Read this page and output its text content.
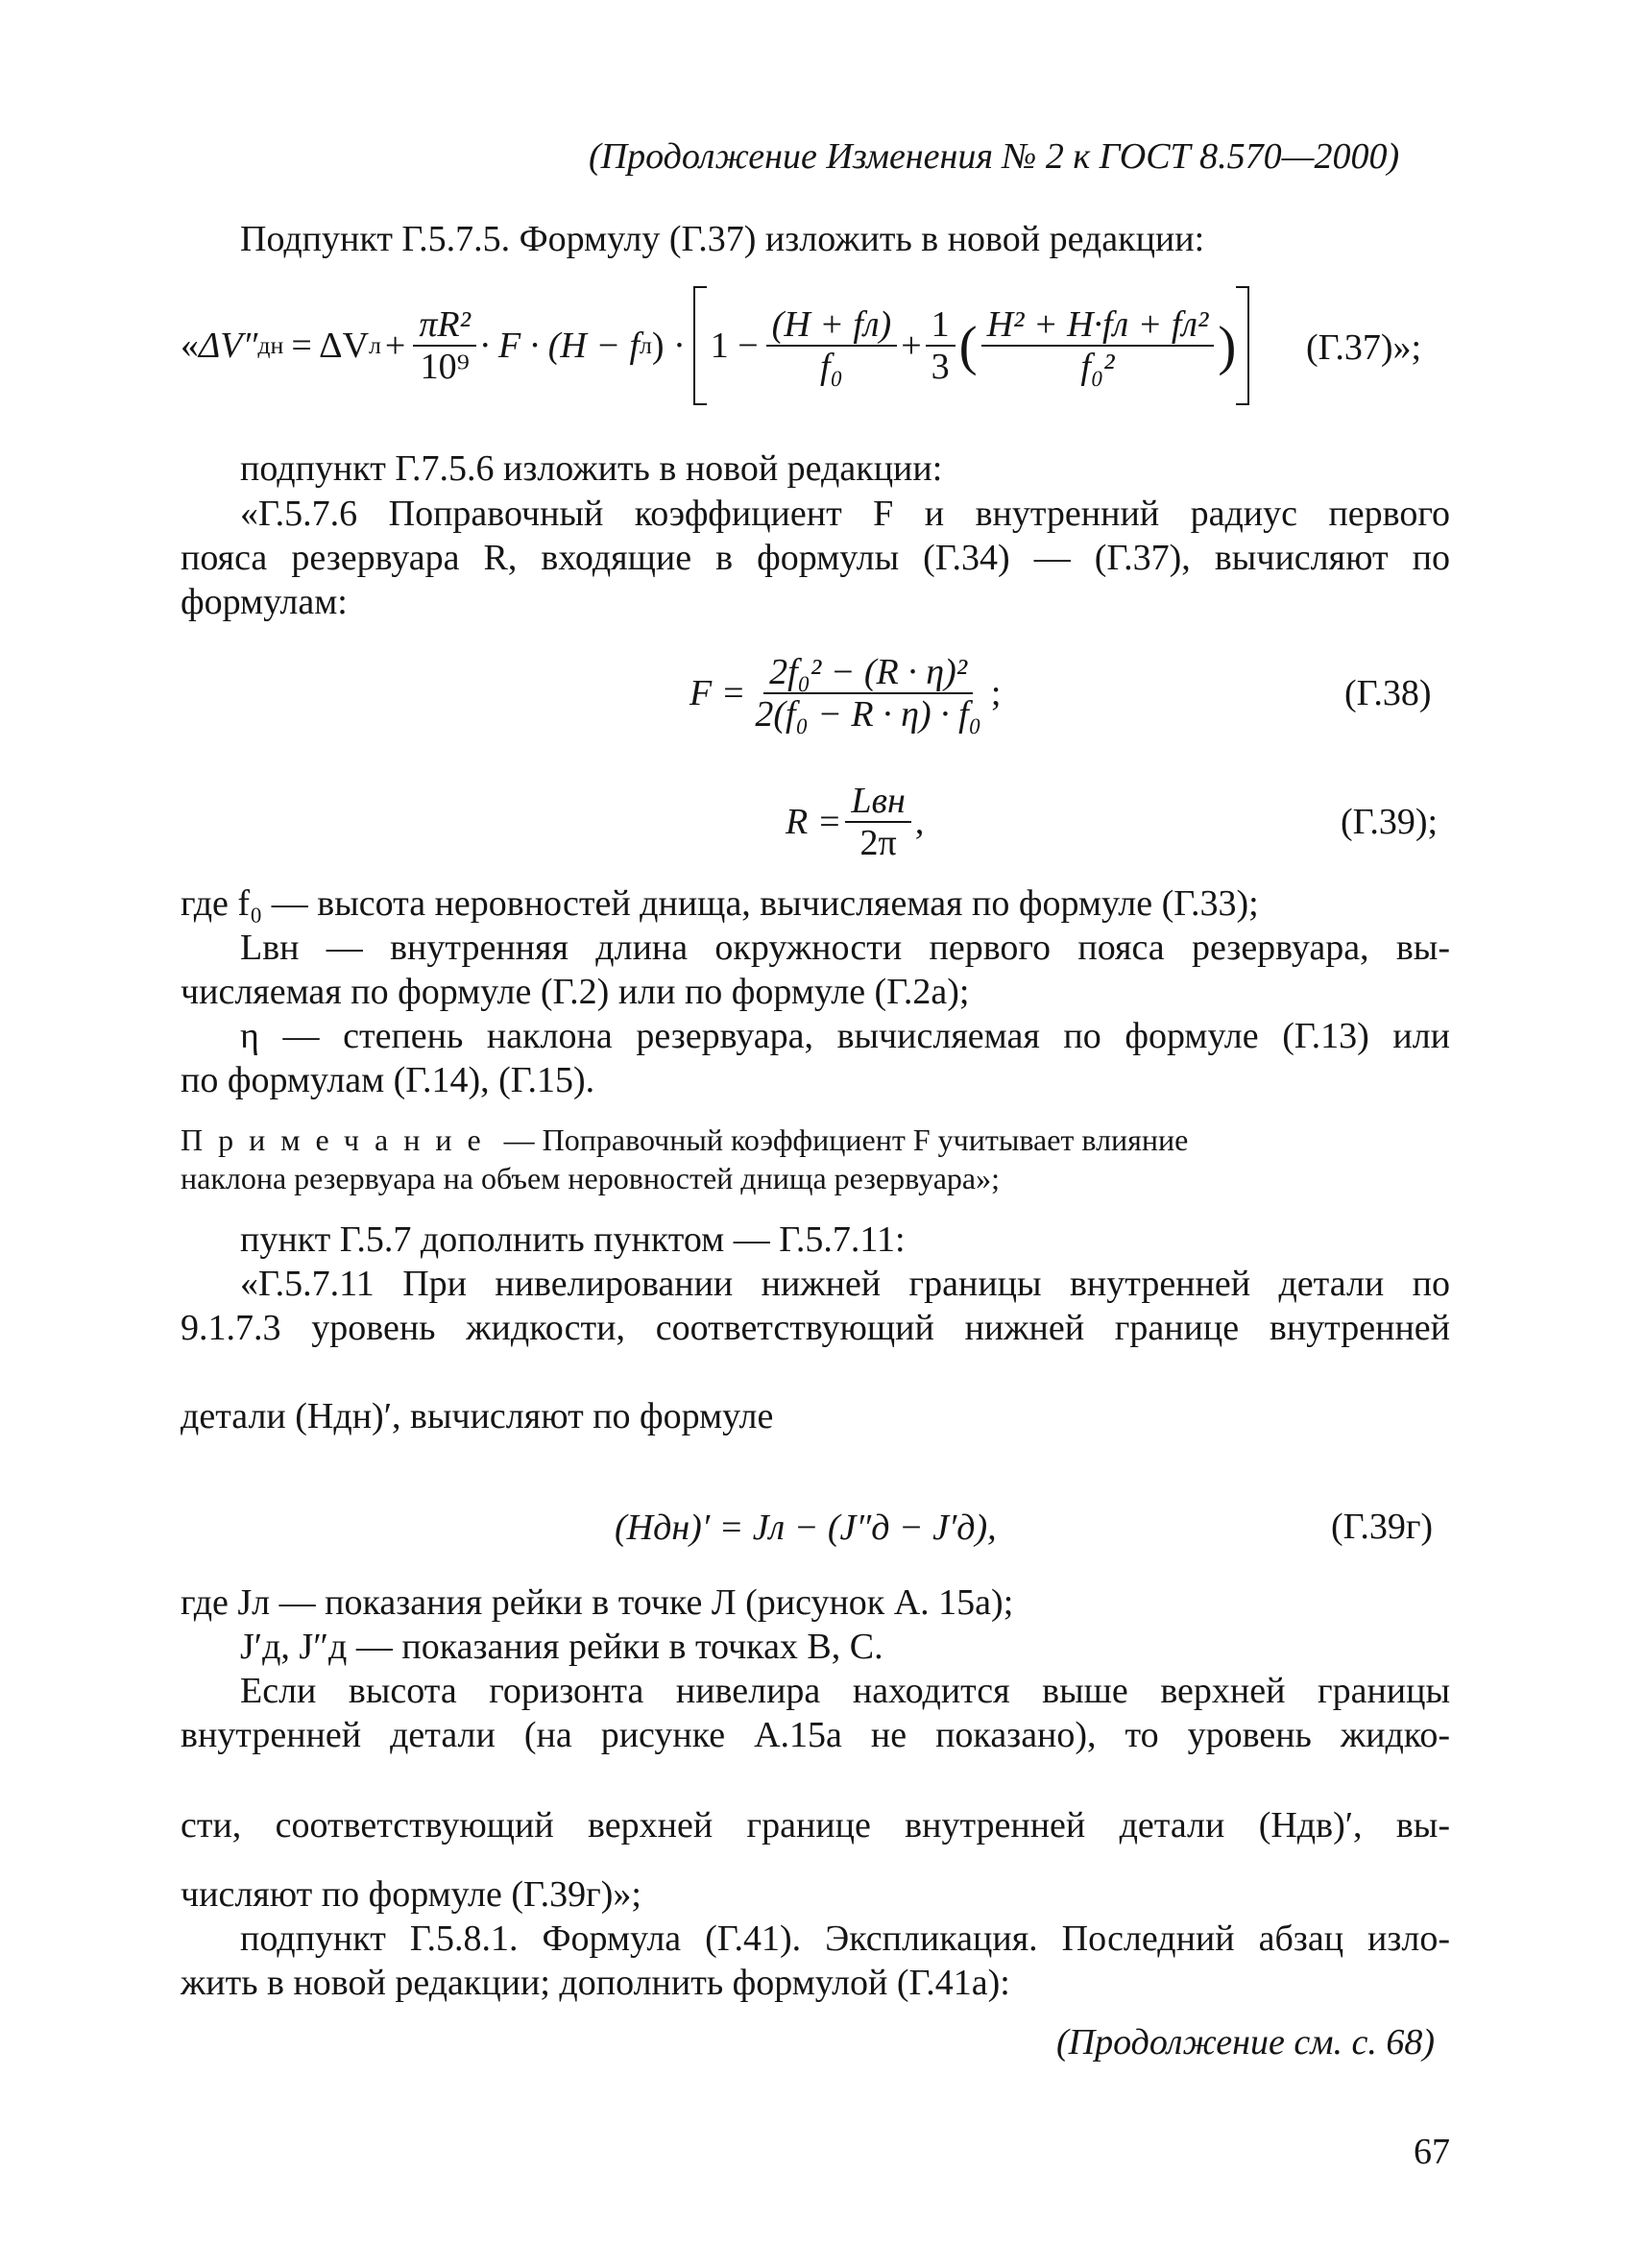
(Продолжение Изменения № 2 к ГОСТ 8.570—2000)
Подпункт Г.5.7.5. Формулу (Г.37) изложить в новой редакции:
« ΔV″ дн = ΔV $л + \frac{\text{πR²}}{\text{10⁹}} \cdot F \cdot (H - f$ л ) · $1 - \frac{(H + fл)}{\text{f₀}} + \frac{1}{3}$ ( $\frac{\text{H² + H·fл + fл²}}{\text{f₀²}}$ ) (Г.37)»;
подпункт Г.7.5.6 изложить в новой редакции:
«Г.5.7.6 Поправочный коэффициент F и внутренний радиус первого
пояса резервуара R, входящие в формулы (Г.34) — (Г.37), вычисляют по
формулам:
$F = \frac{\text{2f₀² − (R · η)²}}{\text{2(f₀ − R · η) · f₀}}$ ;	(Г.38)
$R = \frac{\text{Lвн}}{2\pi}$ ,	(Г.39);
где f₀ — высота неровностей днища, вычисляемая по формуле (Г.33);
Lвн — внутренняя длина окружности первого пояса резервуара, вы-
числяемая по формуле (Г.2) или по формуле (Г.2а);
η — степень наклона резервуара, вычисляемая по формуле (Г.13) или
по формулам (Г.14), (Г.15).
Примечание — Поправочный коэффициент F учитывает влияние
наклона резервуара на объем неровностей днища резервуара»;
пункт Г.5.7 дополнить пунктом — Г.5.7.11:
«Г.5.7.11 При нивелировании нижней границы внутренней детали по
9.1.7.3 уровень жидкости, соответствующий нижней границе внутренней
детали (Hдн)′, вычисляют по формуле
(Hдн)′ = Jл − (J″д − J′д),	(Г.39г)
где Jл — показания рейки в точке Л (рисунок А. 15а);
J′д, J″д — показания рейки в точках В, С.
Если высота горизонта нивелира находится выше верхней границы
внутренней детали (на рисунке А.15а не показано), то уровень жидко-
сти, соответствующий верхней границе внутренней детали (Hдв)′, вы-
числяют по формуле (Г.39г)»;
подпункт Г.5.8.1. Формула (Г.41). Экспликация. Последний абзац изло-
жить в новой редакции; дополнить формулой (Г.41а):
(Продолжение см. с. 68)
67
